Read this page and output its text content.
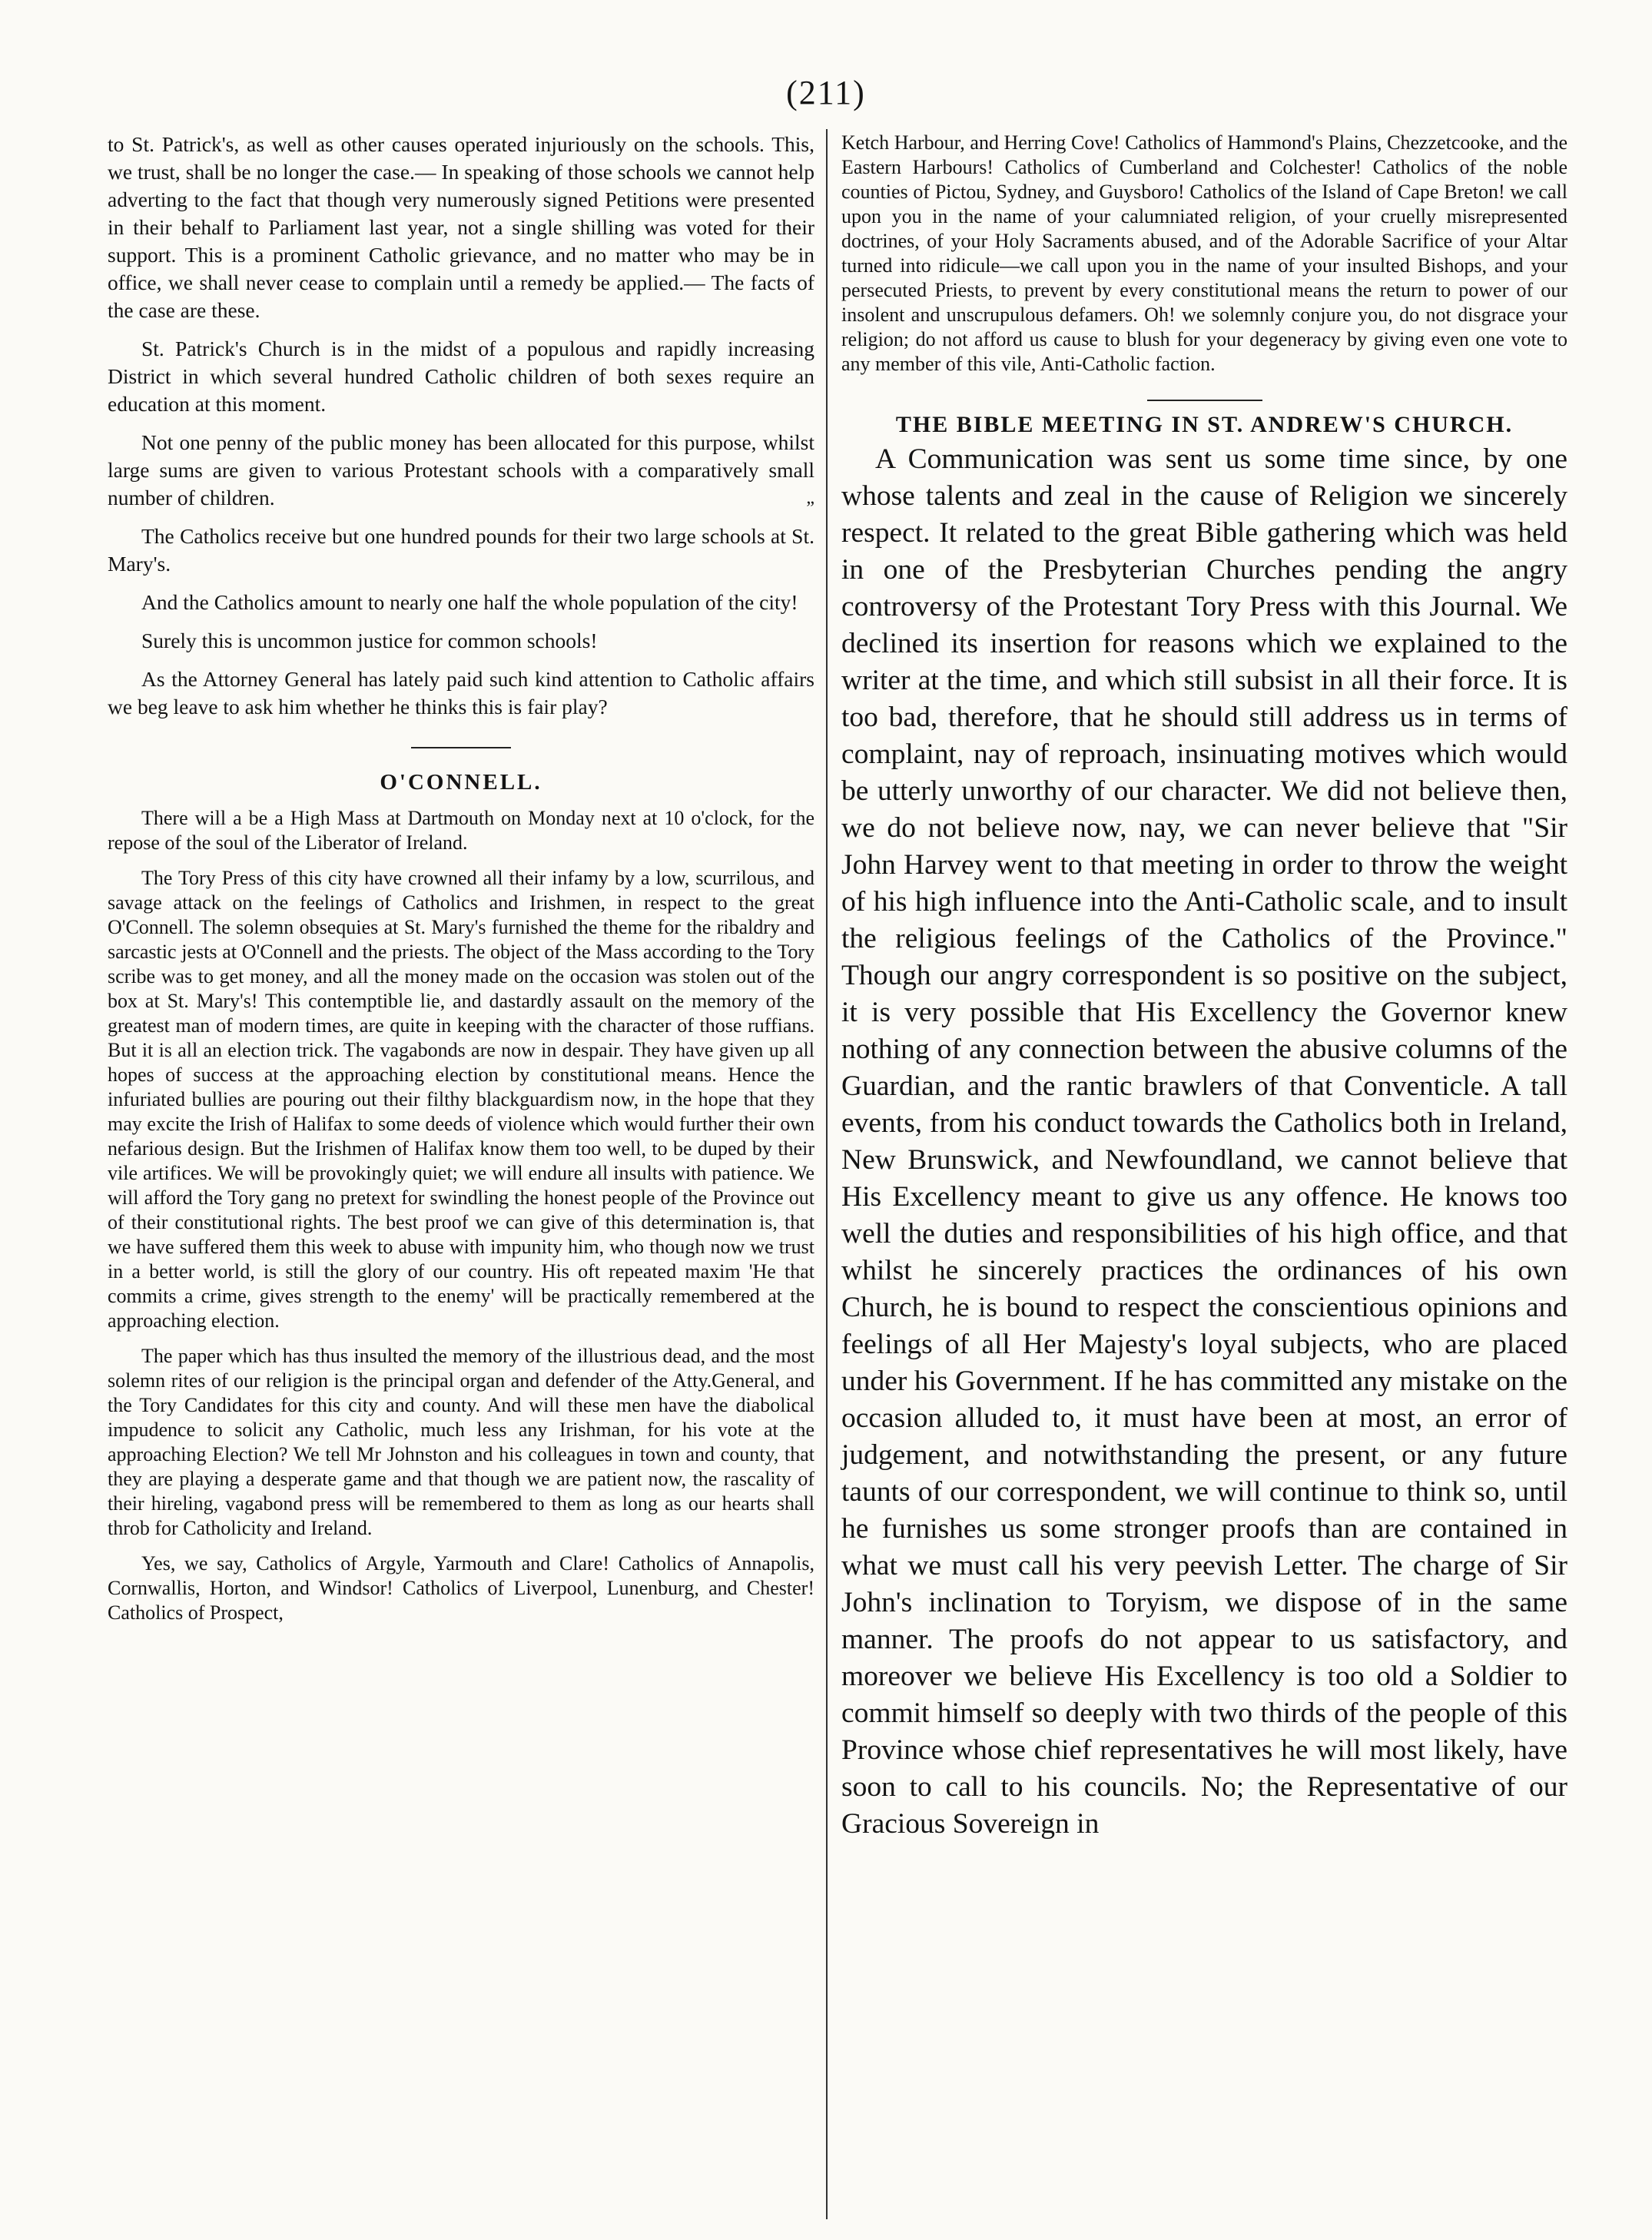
(211)

to St. Patrick's, as well as other causes operated injuriously on the schools. This, we trust, shall be no longer the case.— In speaking of those schools we cannot help adverting to the fact that though very numerously signed Petitions were presented in their behalf to Parliament last year, not a single shilling was voted for their support. This is a prominent Catholic grievance, and no matter who may be in office, we shall never cease to complain until a remedy be applied.— The facts of the case are these.

St. Patrick's Church is in the midst of a populous and rapidly increasing District in which several hundred Catholic children of both sexes require an education at this moment.

Not one penny of the public money has been allocated for this purpose, whilst large sums are given to various Protestant schools with a comparatively small number of children.	„

The Catholics receive but one hundred pounds for their two large schools at St. Mary's.

And the Catholics amount to nearly one half the whole population of the city!

Surely this is uncommon justice for common schools!

As the Attorney General has lately paid such kind attention to Catholic affairs we beg leave to ask him whether he thinks this is fair play?

O'CONNELL.

There will a be a High Mass at Dartmouth on Monday next at 10 o'clock, for the repose of the soul of the Liberator of Ireland.

The Tory Press of this city have crowned all their infamy by a low, scurrilous, and savage attack on the feelings of Catholics and Irishmen, in respect to the great O'Connell. The solemn obsequies at St. Mary's furnished the theme for the ribaldry and sarcastic jests at O'Connell and the priests. The object of the Mass according to the Tory scribe was to get money, and all the money made on the occasion was stolen out of the box at St. Mary's! This contemptible lie, and dastardly assault on the memory of the greatest man of modern times, are quite in keeping with the character of those ruffians. But it is all an election trick. The vagabonds are now in despair. They have given up all hopes of success at the approaching election by constitutional means. Hence the infuriated bullies are pouring out their filthy blackguardism now, in the hope that they may excite the Irish of Halifax to some deeds of violence which would further their own nefarious design. But the Irishmen of Halifax know them too well, to be duped by their vile artifices. We will be provokingly quiet; we will endure all insults with patience. We will afford the Tory gang no pretext for swindling the honest people of the Province out of their constitutional rights. The best proof we can give of this determination is, that we have suffered them this week to abuse with impunity him, who though now we trust in a better world, is still the glory of our country. His oft repeated maxim 'He that commits a crime, gives strength to the enemy' will be practically remembered at the approaching election.

The paper which has thus insulted the memory of the illustrious dead, and the most solemn rites of our religion is the principal organ and defender of the Atty.General, and the Tory Candidates for this city and county. And will these men have the diabolical impudence to solicit any Catholic, much less any Irishman, for his vote at the approaching Election? We tell Mr Johnston and his colleagues in town and county, that they are playing a desperate game and that though we are patient now, the rascality of their hireling, vagabond press will be remembered to them as long as our hearts shall throb for Catholicity and Ireland.

Yes, we say, Catholics of Argyle, Yarmouth and Clare! Catholics of Annapolis, Cornwallis, Horton, and Windsor! Catholics of Liverpool, Lunenburg, and Chester! Catholics of Prospect,

Ketch Harbour, and Herring Cove! Catholics of Hammond's Plains, Chezzetcooke, and the Eastern Harbours! Catholics of Cumberland and Colchester! Catholics of the noble counties of Pictou, Sydney, and Guysboro! Catholics of the Island of Cape Breton! we call upon you in the name of your calumniated religion, of your cruelly misrepresented doctrines, of your Holy Sacraments abused, and of the Adorable Sacrifice of your Altar turned into ridicule—we call upon you in the name of your insulted Bishops, and your persecuted Priests, to prevent by every constitutional means the return to power of our insolent and unscrupulous defamers. Oh! we solemnly conjure you, do not disgrace your religion; do not afford us cause to blush for your degeneracy by giving even one vote to any member of this vile, Anti-Catholic faction.

THE BIBLE MEETING IN ST. ANDREW'S CHURCH.

A Communication was sent us some time since, by one whose talents and zeal in the cause of Religion we sincerely respect. It related to the great Bible gathering which was held in one of the Presbyterian Churches pending the angry controversy of the Protestant Tory Press with this Journal. We declined its insertion for reasons which we explained to the writer at the time, and which still subsist in all their force. It is too bad, therefore, that he should still address us in terms of complaint, nay of reproach, insinuating motives which would be utterly unworthy of our character. We did not believe then, we do not believe now, nay, we can never believe that "Sir John Harvey went to that meeting in order to throw the weight of his high influence into the Anti-Catholic scale, and to insult the religious feelings of the Catholics of the Province." Though our angry correspondent is so positive on the subject, it is very possible that His Excellency the Governor knew nothing of any connection between the abusive columns of the Guardian, and the rantic brawlers of that Conventicle. A tall events, from his conduct towards the Catholics both in Ireland, New Brunswick, and Newfoundland, we cannot believe that His Excellency meant to give us any offence. He knows too well the duties and responsibilities of his high office, and that whilst he sincerely practices the ordinances of his own Church, he is bound to respect the conscientious opinions and feelings of all Her Majesty's loyal subjects, who are placed under his Government. If he has committed any mistake on the occasion alluded to, it must have been at most, an error of judgement, and notwithstanding the present, or any future taunts of our correspondent, we will continue to think so, until he furnishes us some stronger proofs than are contained in what we must call his very peevish Letter. The charge of Sir John's inclination to Toryism, we dispose of in the same manner. The proofs do not appear to us satisfactory, and moreover we believe His Excellency is too old a Soldier to commit himself so deeply with two thirds of the people of this Province whose chief representatives he will most likely, have soon to call to his councils. No; the Representative of our Gracious Sovereign in
